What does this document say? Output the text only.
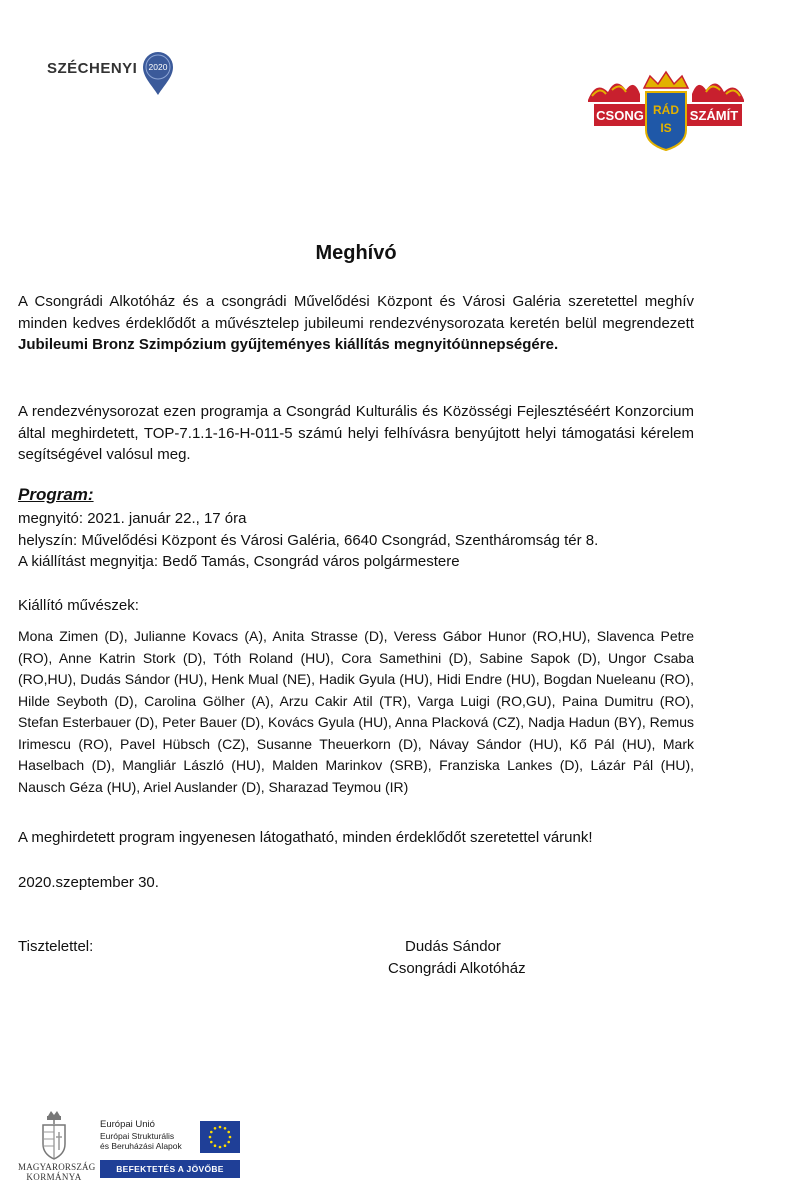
SZÉCHENYI 2020
CSONG	SZÁMÍT
RÁD
IS
Meghívó
A Csongrádi Alkotóház és a csongrádi Művelődési Központ és Városi Galéria szeretettel meghív minden kedves érdeklődőt a művésztelep jubileumi rendezvénysorozata keretén belül megrendezett Jubileumi Bronz Szimpózium gyűjteményes kiállítás megnyitóünnepségére.
A rendezvénysorozat ezen programja a Csongrád Kulturális és Közösségi Fejlesztéséért Konzorcium által meghirdetett, TOP-7.1.1-16-H-011-5 számú helyi felhívásra benyújtott helyi támogatási kérelem segítségével valósul meg.
Program:
megnyitó: 2021. január 22., 17 óra
helyszín: Művelődési Központ és Városi Galéria, 6640 Csongrád, Szentháromság tér 8.
A kiállítást megnyitja: Bedő Tamás, Csongrád város polgármestere
Kiállító művészek:
Mona Zimen (D), Julianne Kovacs (A), Anita Strasse (D), Veress Gábor Hunor (RO,HU), Slavenca Petre (RO), Anne Katrin Stork (D), Tóth Roland (HU), Cora Samethini (D), Sabine Sapok (D), Ungor Csaba (RO,HU), Dudás Sándor (HU), Henk Mual (NE), Hadik Gyula (HU), Hidi Endre (HU), Bogdan Nueleanu (RO), Hilde Seyboth (D), Carolina Gölher (A), Arzu Cakir Atil (TR), Varga Luigi (RO,GU), Paina Dumitru (RO), Stefan Esterbauer (D), Peter Bauer (D), Kovács Gyula (HU), Anna Placková (CZ), Nadja Hadun (BY), Remus Irimescu (RO), Pavel Hübsch (CZ), Susanne Theuerkorn (D), Návay Sándor (HU), Kő Pál (HU), Mark Haselbach (D), Mangliár László (HU), Malden Marinkov (SRB), Franziska Lankes (D), Lázár Pál (HU), Nausch Géza (HU), Ariel Auslander (D), Sharazad Teymou (IR)
A meghirdetett program ingyenesen látogatható, minden érdeklődőt szeretettel várunk!
2020.szeptember 30.
Tisztelettel:	Dudás Sándor
Csongrádi Alkotóház
MAGYARORSZÁG
KORMÁNYA
Európai Unió
Európai Strukturális
és Beruházási Alapok
BEFEKTETÉS A JÖVŐBE
